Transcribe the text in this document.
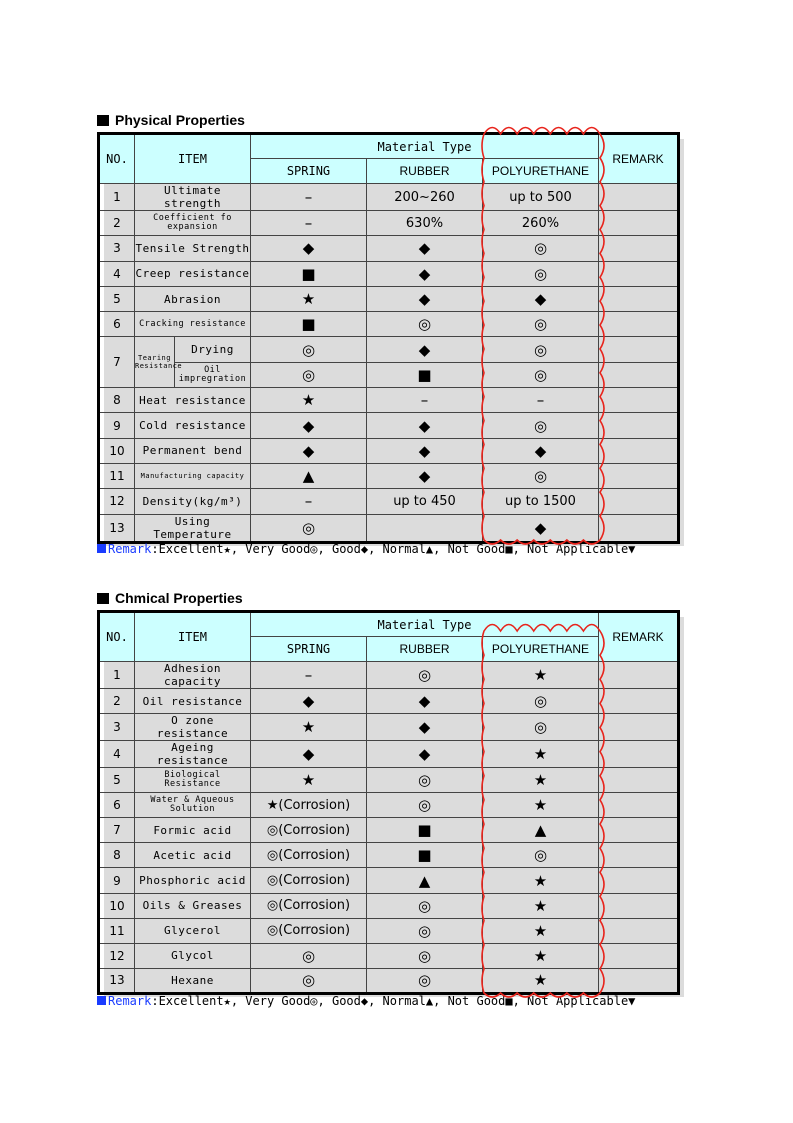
Physical Properties
NO.	ITEM		Material Type			REMARK
			SPRING	RUBBER	POLYURETHANE	
1	Ultimate strength		–	200~260	up to 500	
2	Coefficient fo expansion		–	630%	260%	
3	Tensile Strength		◆	◆	◎	
4	Creep resistance		■	◆	◎	
5	Abrasion		★	◆	◆	
6	Cracking resistance		■	◎	◎	
7	Tearing Resistance	Drying	◎	◆	◎	
		Oil impregration	◎	■	◎	
8	Heat resistance		★	–	–	
9	Cold resistance		◆	◆	◎	
10	Permanent bend		◆	◆	◆	
11	Manufacturing capacity		▲	◆	◎	
12	Density(kg/m³)		–	up to 450	up to 1500	
13	Using Temperature		◎		◆	
Remark:Excellent★, Very Good◎, Good◆, Normal▲, Not Good■, Not Applicable▼
Chmical Properties
NO.	ITEM	Material Type			REMARK
		SPRING	RUBBER	POLYURETHANE	
1	Adhesion capacity	–	◎	★	
2	Oil resistance	◆	◆	◎	
3	O zone resistance	★	◆	◎	
4	Ageing resistance	◆	◆	★	
5	Biological Resistance	★	◎	★	
6	Water & Aqueous Solution	★(Corrosion)	◎	★	
7	Formic acid	◎(Corrosion)	■	▲	
8	Acetic acid	◎(Corrosion)	■	◎	
9	Phosphoric acid	◎(Corrosion)	▲	★	
10	Oils & Greases	◎(Corrosion)	◎	★	
11	Glycerol	◎(Corrosion)	◎	★	
12	Glycol	◎	◎	★	
13	Hexane	◎	◎	★	
Remark:Excellent★, Very Good◎, Good◆, Normal▲, Not Good■, Not Applicable▼
